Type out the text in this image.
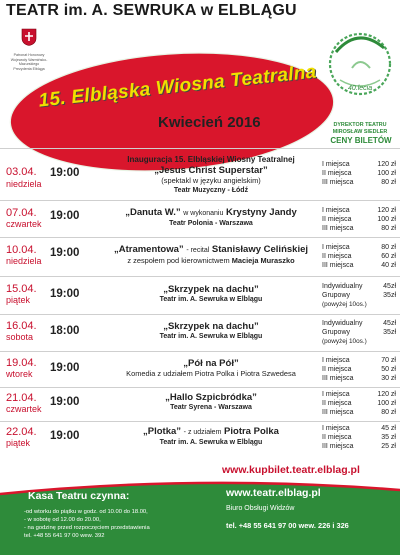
TEATR im. A. SEWRUKA w ELBLĄGU
Patronat Honorowy
Wojewody Warmińsko-Mazurskiego
Prezydenta Elbląga
15. Elbląska Wiosna Teatralna
Kwiecień 2016
40.lecia
DYREKTOR TEATRU
MIROSŁAW SIEDLER
CENY BILETÓW
03.04.
niedziela
19:00
Inauguracja 15. Elbląskiej Wiosny Teatralnej
„Jesus Christ Superstar”
(spektakl w języku angielskim)
Teatr Muzyczny - Łódź
I miejsca	120 zł
II miejsca	100 zł
III miejsca	80 zł
07.04.
czwartek
19:00	„Danuta W.” w wykonaniu Krystyny Jandy
Teatr Polonia - Warszawa
I miejsca	120 zł
II miejsca	100 zł
III miejsca	80 zł
10.04.
niedziela
19:00	„Atramentowa” - recital Stanisławy Celińskiej
z zespołem pod kierownictwem Macieja Muraszko
I miejsca	80 zł
II miejsca	60 zł
III miejsca	40 zł
15.04.
piątek 19:00	„Skrzypek na dachu”
Teatr im. A. Sewruka w Elblągu
Indywidualny	45zł
Grupowy	35zł
(powyżej 10os.)
16.04.
sobota 18:00	„Skrzypek na dachu”
Teatr im. A. Sewruka w Elblągu
Indywidualny	45zł
Grupowy	35zł
(powyżej 10os.)
19.04.
wtorek 19:00	„Pół na Pół”
Komedia z udziałem Piotra Polka i Piotra Szwedesa
I miejsca	70 zł
II miejsca	50 zł
III miejsca	30 zł
21.04.
czwartek
19:00	„Hallo Szpicbródka”
Teatr Syrena - Warszawa
I miejsca	120 zł
II miejsca	100 zł
III miejsca	80 zł
22.04.
piątek
19:00	„Plotka” - z udziałem Piotra Polka
Teatr im. A. Sewruka w Elblągu
I miejsca	45 zł
II miejsca	35 zł
III miejsca	25 zł
www.kupbilet.teatr.elblag.pl
Kasa Teatru czynna:
-od wtorku do piątku w godz. od 10.00 do 18.00,
- w sobotę od 12.00 do 20.00,
- na godzinę przed rozpoczęciem przedstawienia
tel. +48 55 641 97 00 wew. 392
www.teatr.elblag.pl
Biuro Obsługi Widzów
tel. +48 55 641 97 00 wew. 226 i 326
